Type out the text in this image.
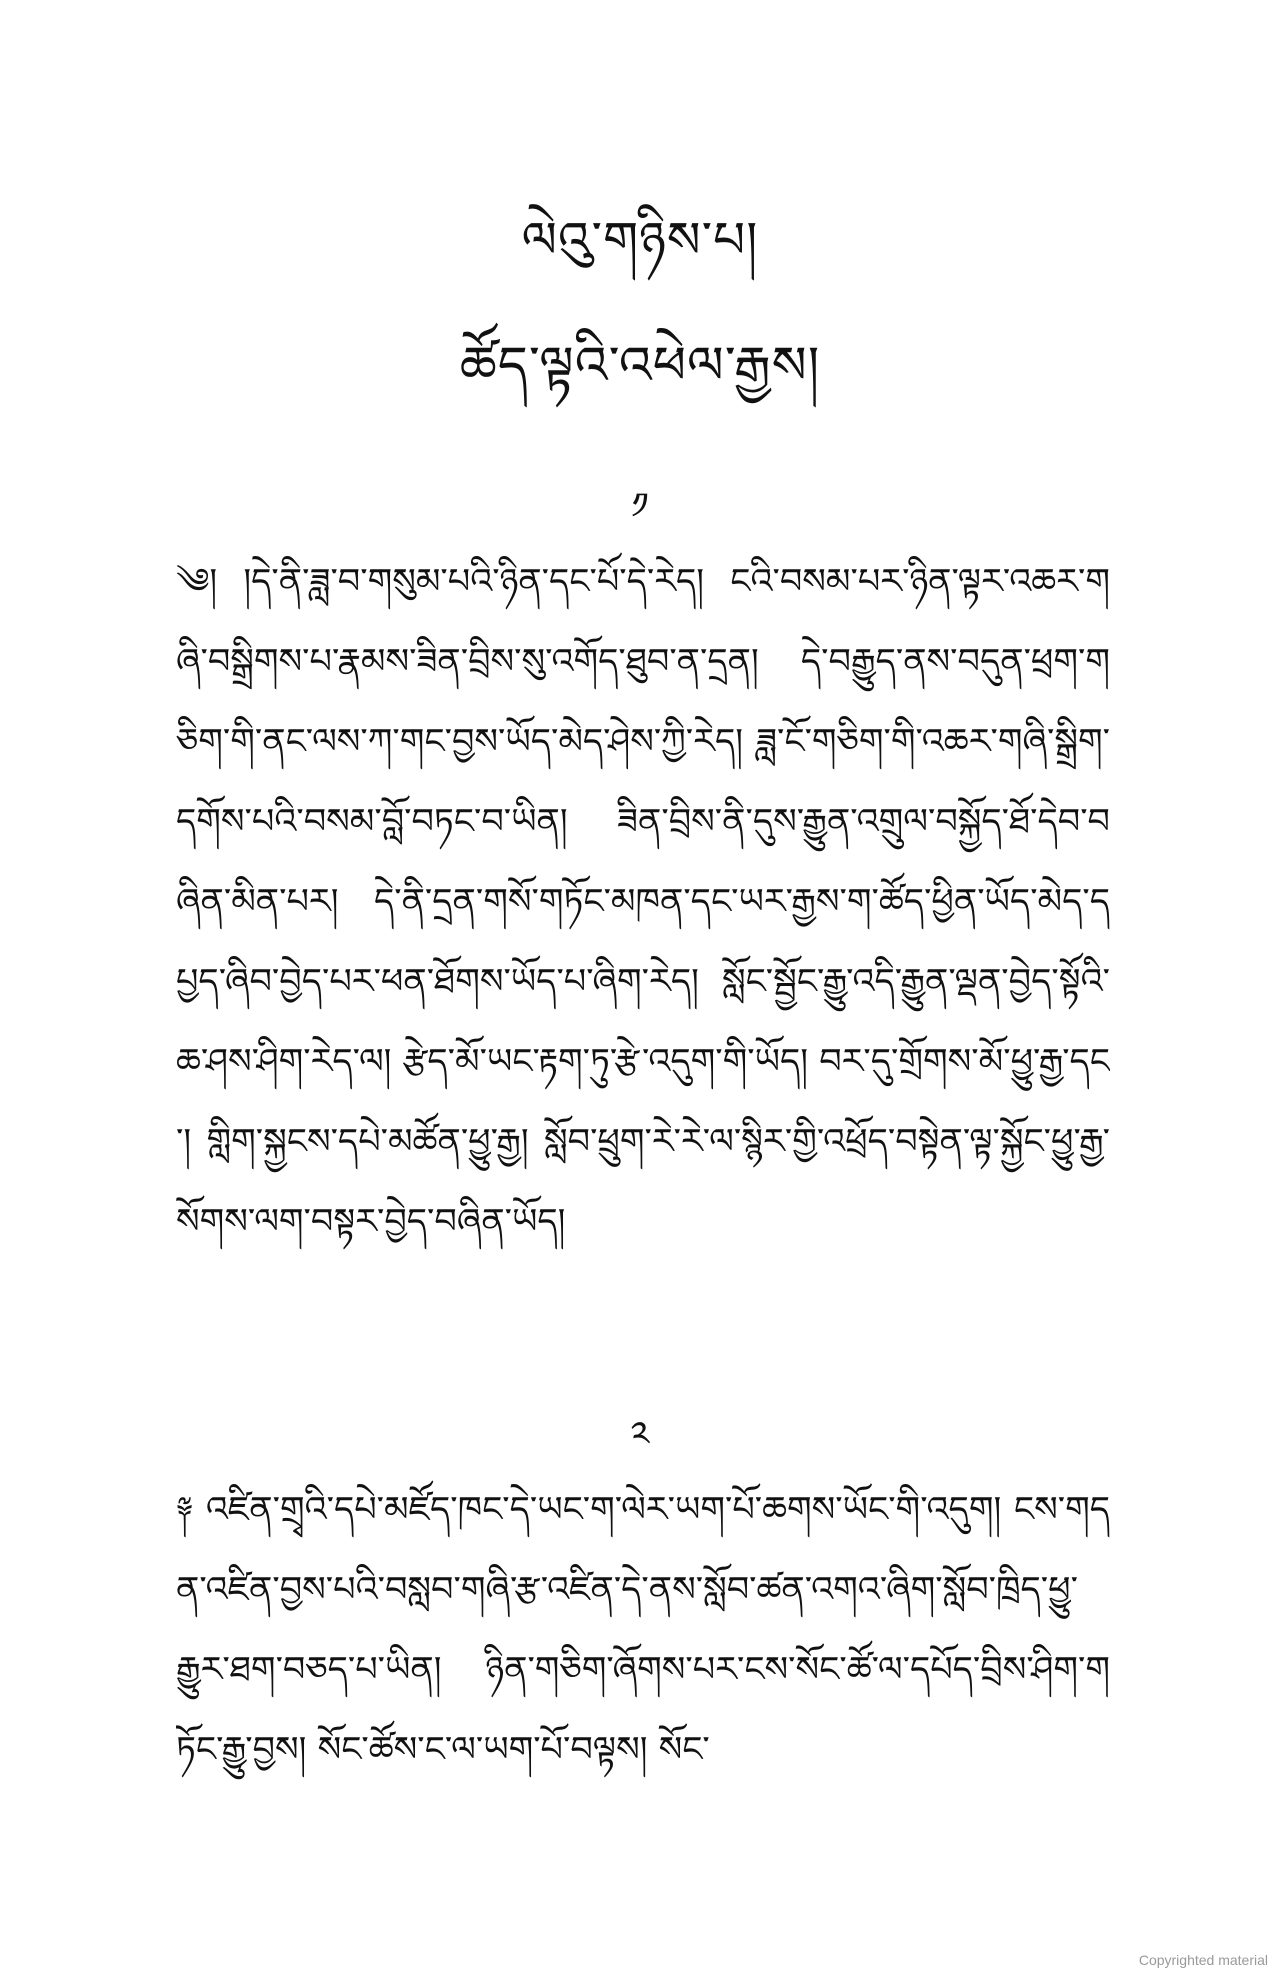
ལེའུ་གཉིས་པ།
ཚོད་ལྟའི་འཕེལ་རྒྱས།
༡
༄། །དེ་ནི་ཟླ་བ་གསུམ་པའི་ཉིན་དང་པོ་དེ་རེད། ངའི་བསམ་པར་ཉིན་ལྟར་འཆར་གཞི་བསྒྲིགས་པ་རྣམས་ཟིན་བྲིས་སུ་འགོད་ཐུབ་ན་དྲན། དེ་བརྒྱུད་ནས་བདུན་ཕྲག་གཅིག་གི་ནང་ལས་ཀ་གང་བྱས་ཡོད་མེད་ཤེས་ཀྱི་རེད། ཟླ་ངོ་གཅིག་གི་འཆར་གཞི་སྒྲིག་དགོས་པའི་བསམ་བློ་བཏང་བ་ཡིན། ཟིན་བྲིས་ནི་དུས་རྒྱུན་འགྲུལ་བསྐྱོད་ཐོ་དེབ་བཞིན་མིན་པར། དེ་ནི་དྲན་གསོ་གཏོང་མཁན་དང་ཡར་རྒྱས་ག་ཚོད་ཕྱིན་ཡོད་མེད་དཔྱད་ཞིབ་བྱེད་པར་ཕན་ཐོགས་ཡོད་པ་ཞིག་རེད། སློང་སྦྱོང་རྒྱུ་འདི་རྒྱུན་ལྡན་བྱེད་སྟོའི་ཆ་ཤས་ཤིག་རེད་ལ། རྩེད་མོ་ཡང་རྟག་ཏུ་རྩེ་འདུག་གི་ཡོད། བར་དུ་གྲོགས་མོ་ཕྱུ་རྒྱ་དང་། གླིག་སྐྱངས་དཔེ་མཚོན་ཕྱུ་རྒྱ། སློབ་ཕྲུག་རེ་རེ་ལ་སྙིར་གྱི་འཕྲོད་བསྟེན་ལྟ་སྐྱོང་ཕྱུ་རྒྱ་སོགས་ལག་བསྟར་བྱེད་བཞིན་ཡོད།
༢
༈ འཛིན་གྲྭའི་དཔེ་མཛོད་ཁང་དེ་ཡང་ག་ལེར་ཡག་པོ་ཆགས་ཡོང་གི་འདུག། ངས་གདན་འཛིན་བྱས་པའི་བསླབ་གཞི་རྩ་འཛིན་དེ་ནས་སློབ་ཚན་འགའ་ཞིག་སློབ་ཁྲིད་ཕྱུ་རྒྱུར་ཐག་བཅད་པ་ཡིན། ཉིན་གཅིག་ཞོགས་པར་ངས་སོང་ཚོ་ལ་དཔོད་བྲིས་ཤིག་གཏོང་རྒྱུ་བྱས། སོང་ཚོས་ང་ལ་ཡག་པོ་བལྟས། སོང་
Copyrighted material
